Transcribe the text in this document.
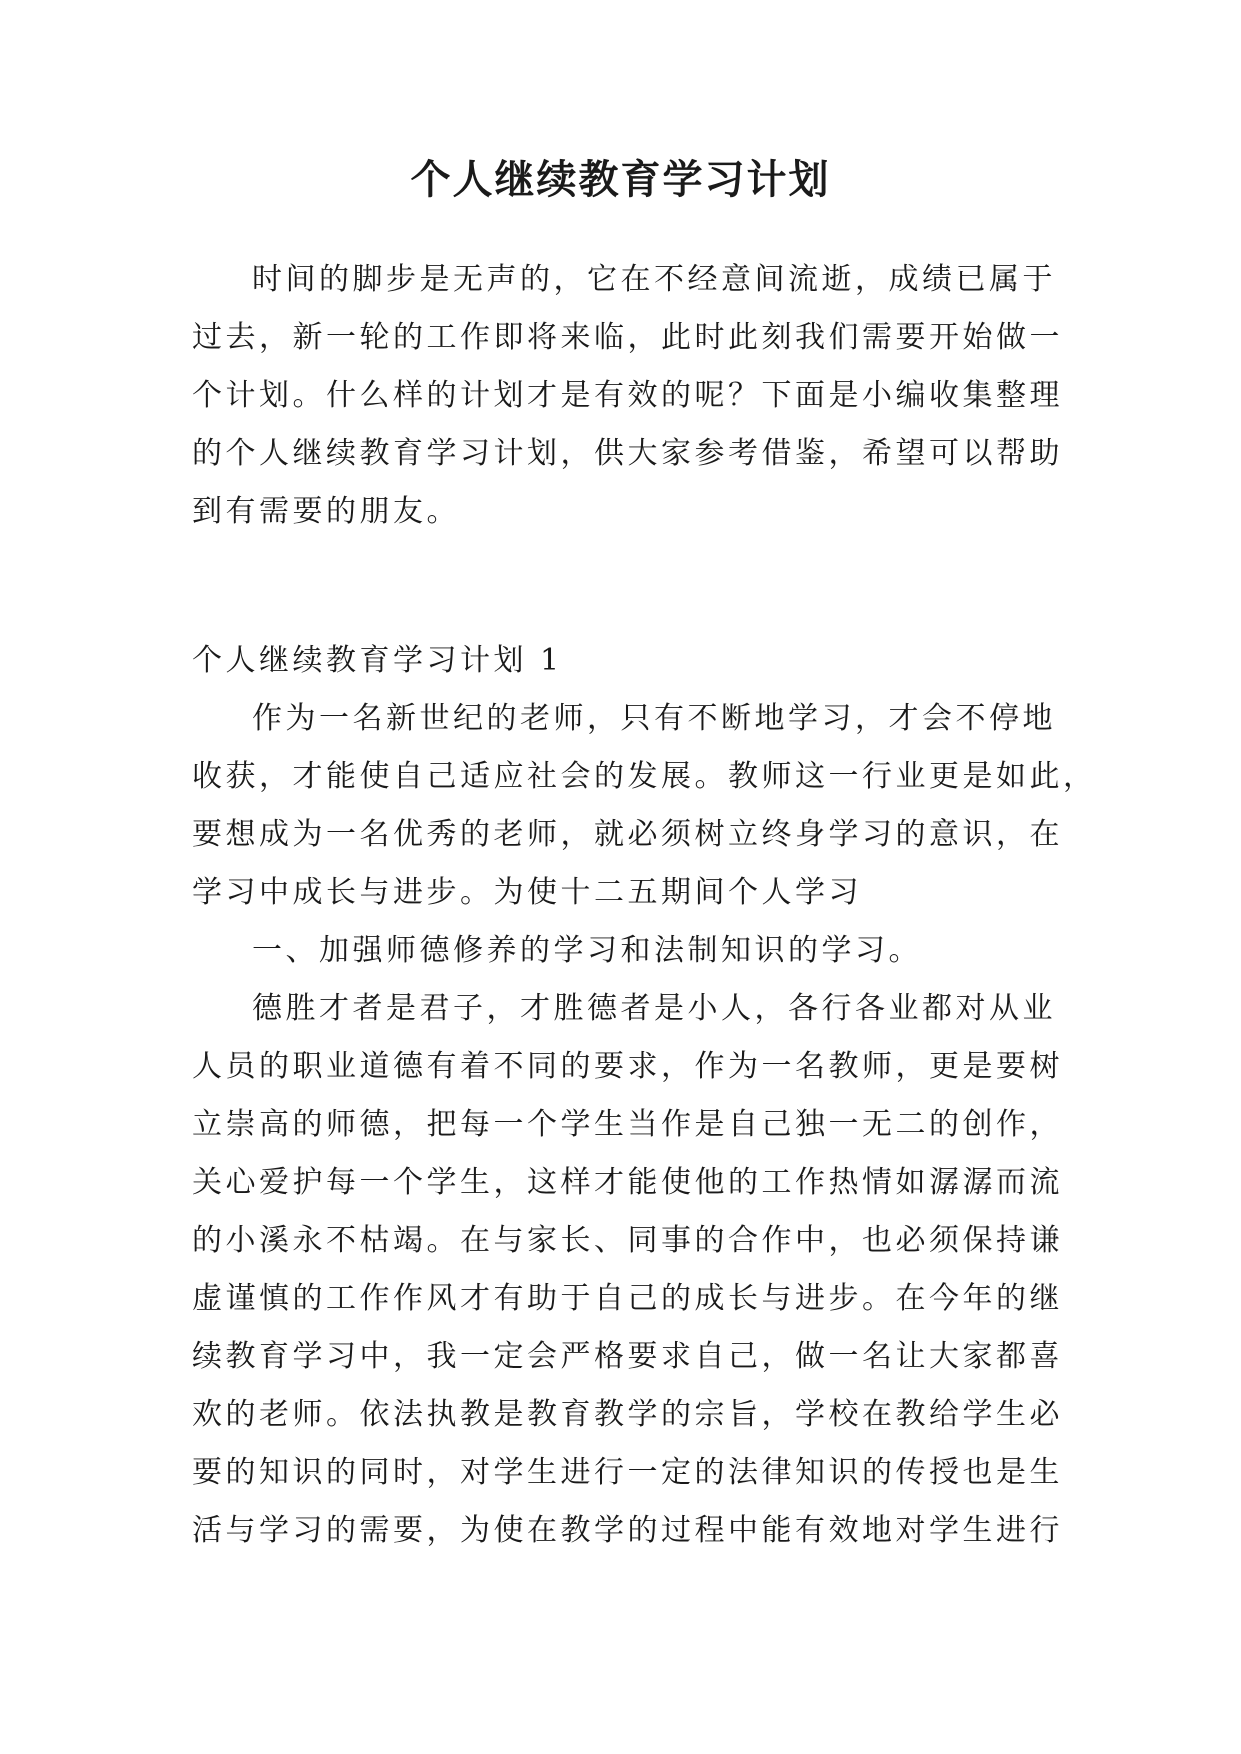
个人继续教育学习计划
时间的脚步是无声的，它在不经意间流逝，成绩已属于
过去，新一轮的工作即将来临，此时此刻我们需要开始做一
个计划。什么样的计划才是有效的呢？下面是小编收集整理
的个人继续教育学习计划，供大家参考借鉴，希望可以帮助
到有需要的朋友。
个人继续教育学习计划 1
作为一名新世纪的老师，只有不断地学习，才会不停地
收获，才能使自己适应社会的发展。教师这一行业更是如此，
要想成为一名优秀的老师，就必须树立终身学习的意识，在
学习中成长与进步。为使十二五期间个人学习
一、加强师德修养的学习和法制知识的学习。
德胜才者是君子，才胜德者是小人，各行各业都对从业
人员的职业道德有着不同的要求，作为一名教师，更是要树
立崇高的师德，把每一个学生当作是自己独一无二的创作，
关心爱护每一个学生，这样才能使他的工作热情如潺潺而流
的小溪永不枯竭。在与家长、同事的合作中，也必须保持谦
虚谨慎的工作作风才有助于自己的成长与进步。在今年的继
续教育学习中，我一定会严格要求自己，做一名让大家都喜
欢的老师。依法执教是教育教学的宗旨，学校在教给学生必
要的知识的同时，对学生进行一定的法律知识的传授也是生
活与学习的需要，为使在教学的过程中能有效地对学生进行
